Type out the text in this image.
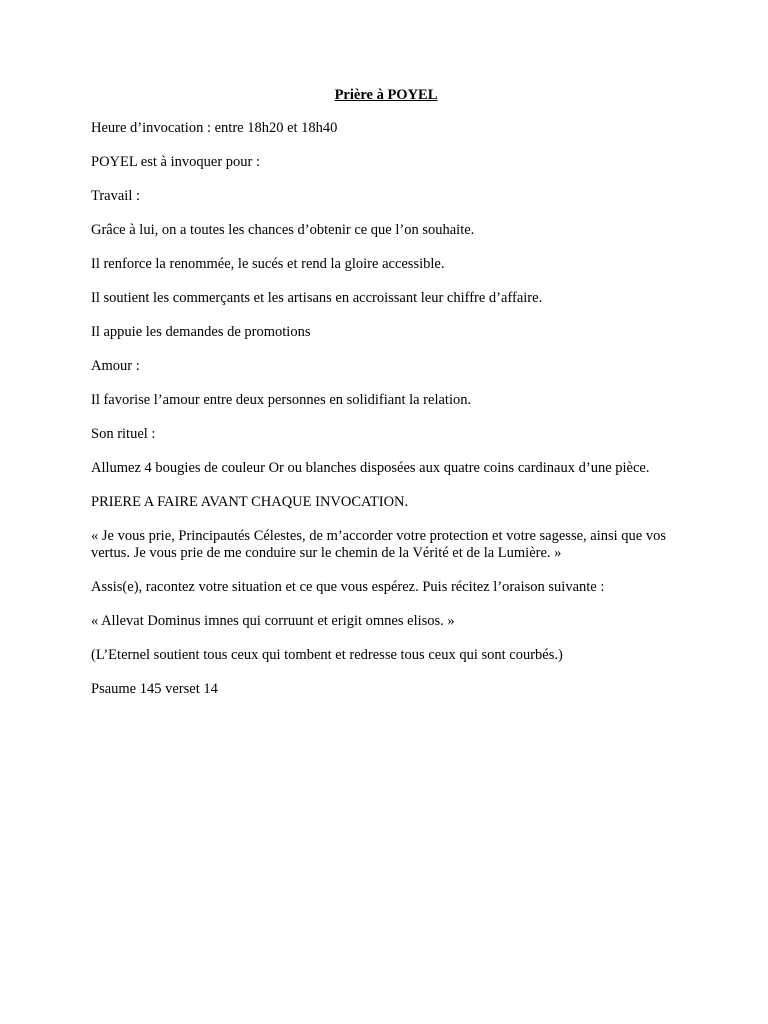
Prière à POYEL

Heure d’invocation : entre 18h20 et 18h40

POYEL est à invoquer pour :

Travail :

Grâce à lui, on a toutes les chances d’obtenir ce que l’on souhaite.

Il renforce la renommée, le sucés et rend la gloire accessible.

Il soutient les commerçants et les artisans en accroissant leur chiffre d’affaire.

Il appuie les demandes de promotions

Amour :

Il favorise l’amour entre deux personnes en solidifiant la relation.

Son rituel :

Allumez 4 bougies de couleur Or ou blanches disposées aux quatre coins cardinaux d’une pièce.

PRIERE A FAIRE AVANT CHAQUE INVOCATION.

« Je vous prie, Principautés Célestes, de m’accorder votre protection et votre sagesse, ainsi que vos vertus. Je vous prie de me conduire sur le chemin de la Vérité et de la Lumière. »

Assis(e), racontez votre situation et ce que vous espérez. Puis récitez l’oraison suivante :

« Allevat Dominus imnes qui corruunt et erigit omnes elisos. »

(L’Eternel soutient tous ceux qui tombent et redresse tous ceux qui sont courbés.)

Psaume 145 verset 14
